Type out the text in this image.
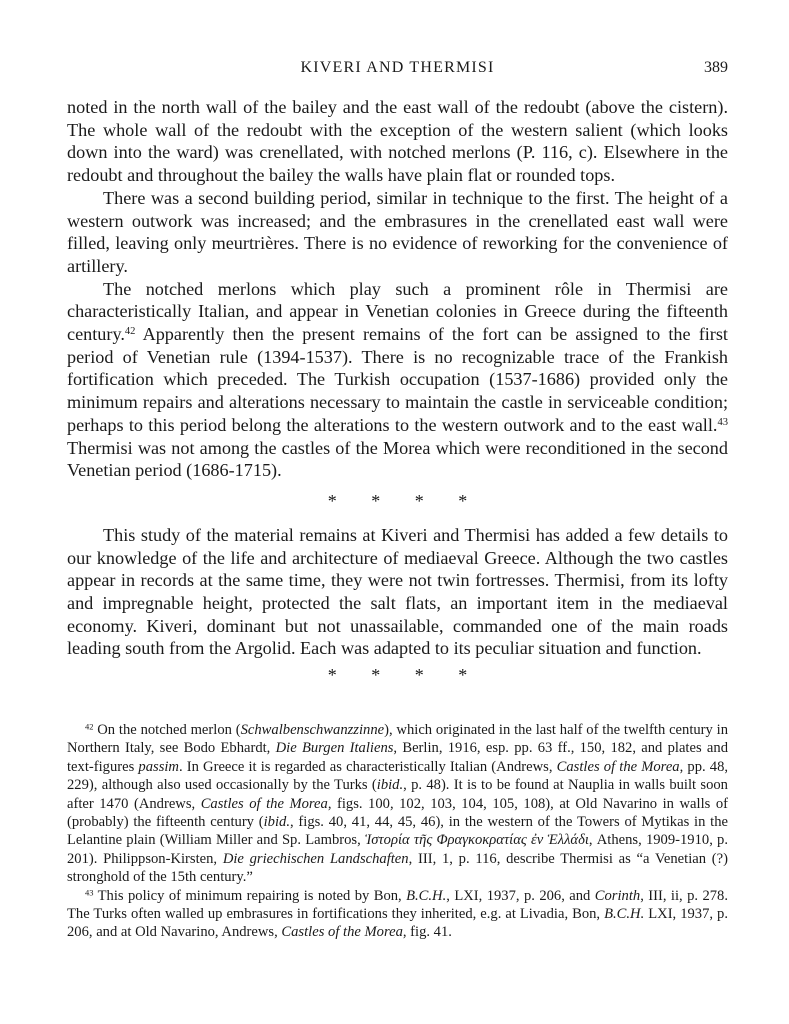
KIVERI AND THERMISI	389

noted in the north wall of the bailey and the east wall of the redoubt (above the cistern). The whole wall of the redoubt with the exception of the western salient (which looks down into the ward) was crenellated, with notched merlons (P. 116, c). Elsewhere in the redoubt and throughout the bailey the walls have plain flat or rounded tops.

There was a second building period, similar in technique to the first. The height of a western outwork was increased; and the embrasures in the crenellated east wall were filled, leaving only meurtrières. There is no evidence of reworking for the convenience of artillery.

The notched merlons which play such a prominent rôle in Thermisi are characteristically Italian, and appear in Venetian colonies in Greece during the fifteenth century.$^{42}$ Apparently then the present remains of the fort can be assigned to the first period of Venetian rule (1394-1537). There is no recognizable trace of the Frankish fortification which preceded. The Turkish occupation (1537-1686) provided only the minimum repairs and alterations necessary to maintain the castle in serviceable condition; perhaps to this period belong the alterations to the western outwork and to the east wall.$^{43}$ Thermisi was not among the castles of the Morea which were reconditioned in the second Venetian period (1686-1715).

* * * *

This study of the material remains at Kiveri and Thermisi has added a few details to our knowledge of the life and architecture of mediaeval Greece. Although the two castles appear in records at the same time, they were not twin fortresses. Thermisi, from its lofty and impregnable height, protected the salt flats, an important item in the mediaeval economy. Kiveri, dominant but not unassailable, commanded one of the main roads leading south from the Argolid. Each was adapted to its peculiar situation and function.

* * * *

$^{42}$ On the notched merlon (Schwalbenschwanzzinne), which originated in the last half of the twelfth century in Northern Italy, see Bodo Ebhardt, Die Burgen Italiens, Berlin, 1916, esp. pp. 63 ff., 150, 182, and plates and text-figures passim. In Greece it is regarded as characteristically Italian (Andrews, Castles of the Morea, pp. 48, 229), although also used occasionally by the Turks (ibid., p. 48). It is to be found at Nauplia in walls built soon after 1470 (Andrews, Castles of the Morea, figs. 100, 102, 103, 104, 105, 108), at Old Navarino in walls of (probably) the fifteenth century (ibid., figs. 40, 41, 44, 45, 46), in the western of the Towers of Mytikas in the Lelantine plain (William Miller and Sp. Lambros, Ἱστορία τῆς Φραγκοκρατίας ἐν Ἑλλάδι, Athens, 1909-1910, p. 201). Philippson-Kirsten, Die griechischen Landschaften, III, 1, p. 116, describe Thermisi as “a Venetian (?) stronghold of the 15th century.”

$^{43}$ This policy of minimum repairing is noted by Bon, B.C.H., LXI, 1937, p. 206, and Corinth, III, ii, p. 278. The Turks often walled up embrasures in fortifications they inherited, e.g. at Livadia, Bon, B.C.H. LXI, 1937, p. 206, and at Old Navarino, Andrews, Castles of the Morea, fig. 41.
